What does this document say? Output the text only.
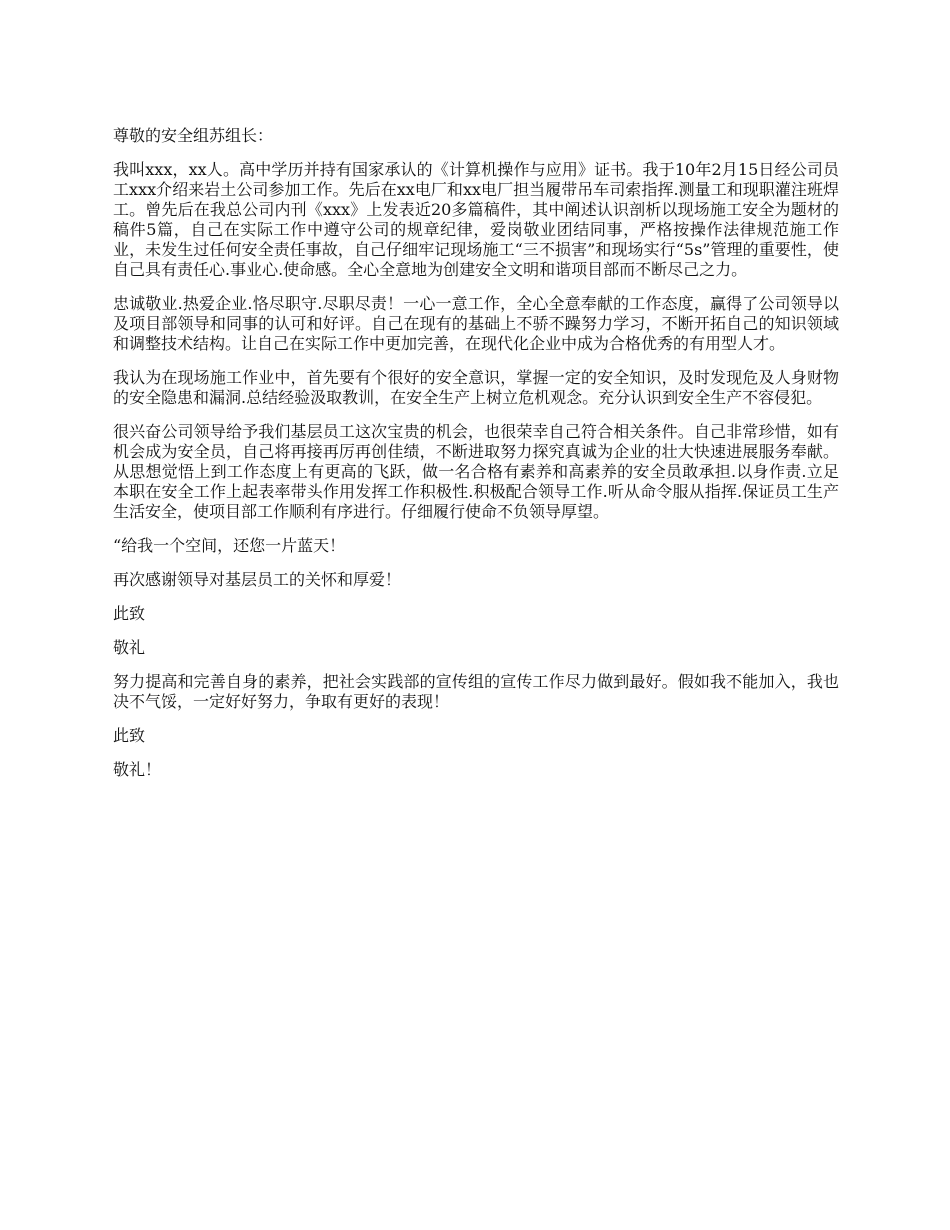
尊敬的安全组苏组长：

我叫xxx，xx人。高中学历并持有国家承认的《计算机操作与应用》证书。我于10年2月15日经公司员工xxx介绍来岩土公司参加工作。先后在xx电厂和xx电厂担当履带吊车司索指挥.测量工和现职灌注班焊工。曾先后在我总公司内刊《xxx》上发表近20多篇稿件，其中阐述认识剖析以现场施工安全为题材的稿件5篇，自己在实际工作中遵守公司的规章纪律，爱岗敬业团结同事，严格按操作法律规范施工作业，未发生过任何安全责任事故，自己仔细牢记现场施工“三不损害”和现场实行“5s”管理的重要性，使自己具有责任心.事业心.使命感。全心全意地为创建安全文明和谐项目部而不断尽己之力。

忠诚敬业.热爱企业.恪尽职守.尽职尽责！一心一意工作，全心全意奉献的工作态度，赢得了公司领导以及项目部领导和同事的认可和好评。自己在现有的基础上不骄不躁努力学习，不断开拓自己的知识领域和调整技术结构。让自己在实际工作中更加完善，在现代化企业中成为合格优秀的有用型人才。

我认为在现场施工作业中，首先要有个很好的安全意识，掌握一定的安全知识，及时发现危及人身财物的安全隐患和漏洞.总结经验汲取教训，在安全生产上树立危机观念。充分认识到安全生产不容侵犯。

很兴奋公司领导给予我们基层员工这次宝贵的机会，也很荣幸自己符合相关条件。自己非常珍惜，如有机会成为安全员，自己将再接再厉再创佳绩，不断进取努力探究真诚为企业的壮大快速进展服务奉献。从思想觉悟上到工作态度上有更高的飞跃，做一名合格有素养和高素养的安全员敢承担.以身作责.立足本职在安全工作上起表率带头作用发挥工作积极性.积极配合领导工作.听从命令服从指挥.保证员工生产生活安全，使项目部工作顺利有序进行。仔细履行使命不负领导厚望。

“给我一个空间，还您一片蓝天！

再次感谢领导对基层员工的关怀和厚爱！

此致

敬礼

努力提高和完善自身的素养，把社会实践部的宣传组的宣传工作尽力做到最好。假如我不能加入，我也决不气馁，一定好好努力，争取有更好的表现！

此致

敬礼！
